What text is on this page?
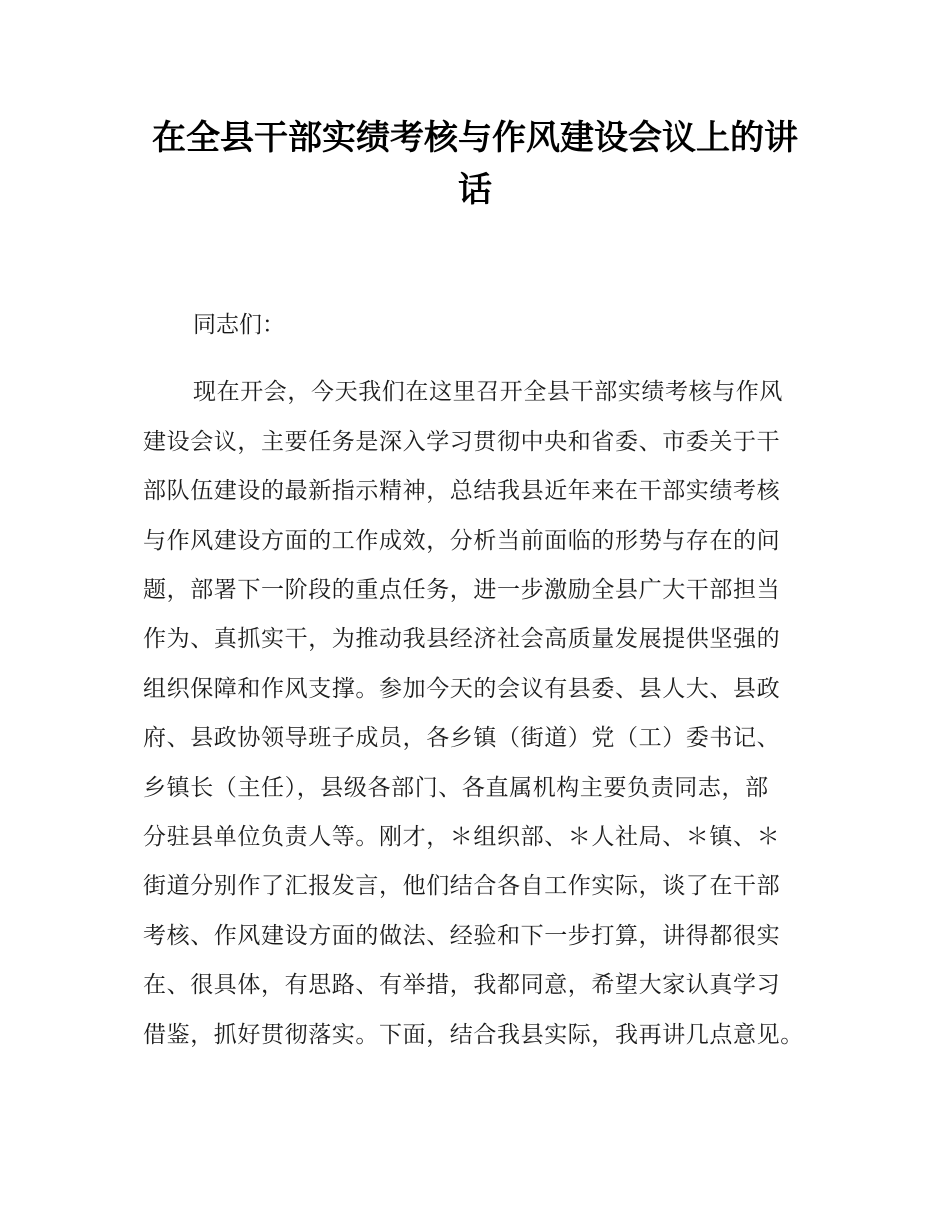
在全县干部实绩考核与作风建设会议上的讲话

同志们：

现在开会，今天我们在这里召开全县干部实绩考核与作风

建设会议，主要任务是深入学习贯彻中央和省委、市委关于干

部队伍建设的最新指示精神，总结我县近年来在干部实绩考核

与作风建设方面的工作成效，分析当前面临的形势与存在的问

题，部署下一阶段的重点任务，进一步激励全县广大干部担当

作为、真抓实干，为推动我县经济社会高质量发展提供坚强的

组织保障和作风支撑。参加今天的会议有县委、县人大、县政

府、县政协领导班子成员，各乡镇（街道）党（工）委书记、

乡镇长（主任），县级各部门、各直属机构主要负责同志，部

分驻县单位负责人等。刚才，＊组织部、＊人社局、＊镇、＊

街道分别作了汇报发言，他们结合各自工作实际，谈了在干部

考核、作风建设方面的做法、经验和下一步打算，讲得都很实

在、很具体，有思路、有举措，我都同意，希望大家认真学习

借鉴，抓好贯彻落实。下面，结合我县实际，我再讲几点意见。
